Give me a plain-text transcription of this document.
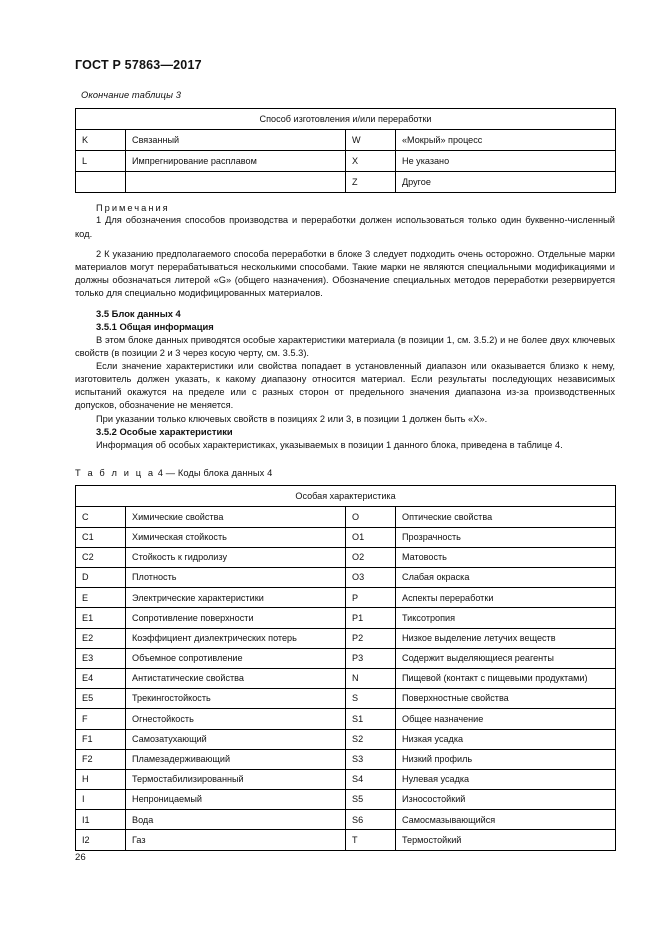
ГОСТ Р 57863—2017
Окончание таблицы 3
Способ изготовления и/или переработки			
K	Связанный	W	«Мокрый» процесс
L	Импрегнирование расплавом	X	Не указано
		Z	Другое
Примечания

1 Для обозначения способов производства и переработки должен использоваться только один буквенно-численный код.

2 К указанию предполагаемого способа переработки в блоке 3 следует подходить очень осторожно. Отдельные марки материалов могут перерабатываться несколькими способами. Такие марки не являются специальными модификациями и должны обозначаться литерой «G» (общего назначения). Обозначение специальных методов переработки резервируется только для специально модифицированных материалов.

3.5 Блок данных 4
3.5.1 Общая информация

В этом блоке данных приводятся особые характеристики материала (в позиции 1, см. 3.5.2) и не более двух ключевых свойств (в позиции 2 и 3 через косую черту, см. 3.5.3).

Если значение характеристики или свойства попадает в установленный диапазон или оказывается близко к нему, изготовитель должен указать, к какому диапазону относится материал. Если результаты последующих независимых испытаний окажутся на пределе или с разных сторон от предельного значения диапазона из-за производственных допусков, обозначение не меняется.

При указании только ключевых свойств в позициях 2 или 3, в позиции 1 должен быть «Х».

3.5.2 Особые характеристики

Информация об особых характеристиках, указываемых в позиции 1 данного блока, приведена в таблице 4.

Т а б л и ц а 4 — Коды блока данных 4
Особая характеристика			
C	Химические свойства	O	Оптические свойства
C1	Химическая стойкость	O1	Прозрачность
C2	Стойкость к гидролизу	O2	Матовость
D	Плотность	O3	Слабая окраска
E	Электрические характеристики	P	Аспекты переработки
E1	Сопротивление поверхности	P1	Тиксотропия
E2	Коэффициент диэлектрических потерь	P2	Низкое выделение летучих веществ
E3	Объемное сопротивление	P3	Содержит выделяющиеся реагенты
E4	Антистатические свойства	N	Пищевой (контакт с пищевыми продуктами)
E5	Трекингостойкость	S	Поверхностные свойства
F	Огнестойкость	S1	Общее назначение
F1	Самозатухающий	S2	Низкая усадка
F2	Пламезадерживающий	S3	Низкий профиль
H	Термостабилизированный	S4	Нулевая усадка
I	Непроницаемый	S5	Износостойкий
I1	Вода	S6	Самосмазывающийся
I2	Газ	T	Термостойкий
26
